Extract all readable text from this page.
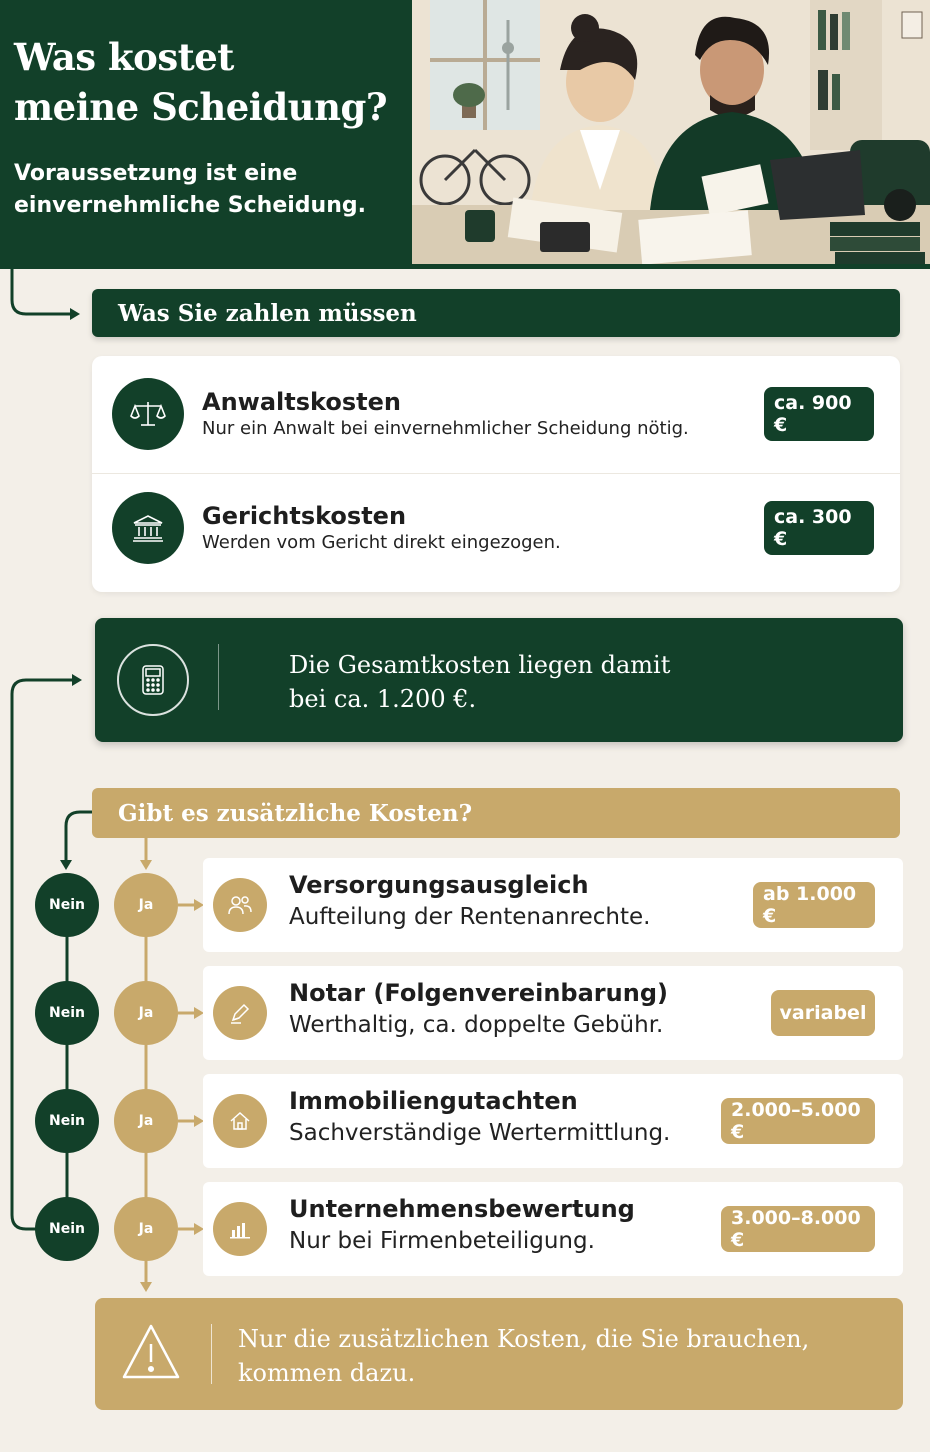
Was kostet
meine Scheidung?
Voraussetzung ist eine
einvernehmliche Scheidung.
Was Sie zahlen müssen
Anwaltskosten
Nur ein Anwalt bei einvernehmlicher Scheidung nötig.
ca. 900 €
Gerichtskosten
Werden vom Gericht direkt eingezogen.
ca. 300 €
Die Gesamtkosten liegen damit
bei ca. 1.200 €.
Gibt es zusätzliche Kosten?
Nein	Ja
Nein	Ja
Nein	Ja
Nein	Ja
Versorgungsausgleich
Aufteilung der Rentenanrechte.
ab 1.000 €
Notar (Folgenvereinbarung)
Werthaltig, ca. doppelte Gebühr.	variabel
Immobiliengutachten
Sachverständige Wertermittlung.
2.000–5.000 €
Unternehmensbewertung
Nur bei Firmenbeteiligung.
3.000–8.000 €
Nur die zusätzlichen Kosten, die Sie brauchen,
kommen dazu.
